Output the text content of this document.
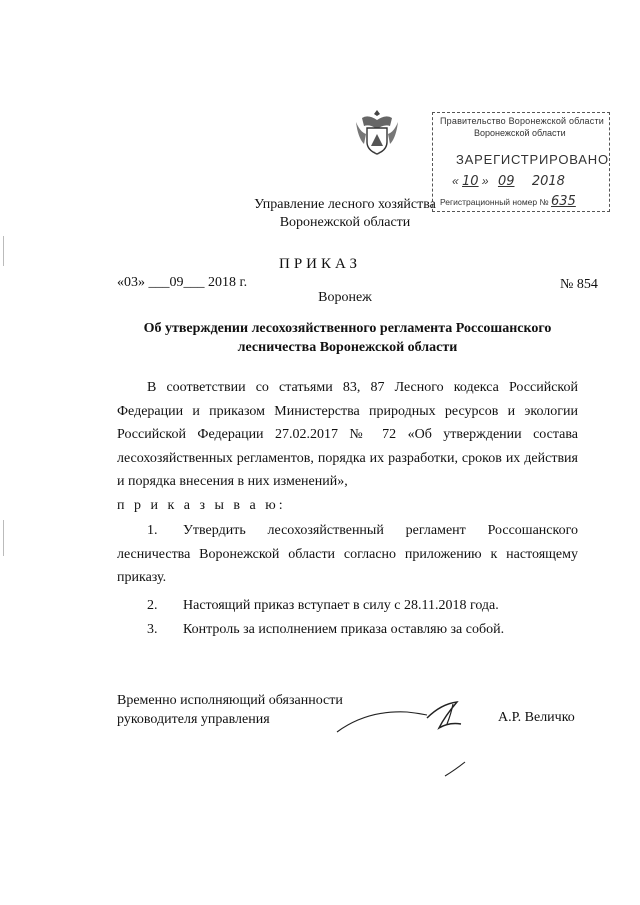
Правительство Воронежской области
Воронежской области
ЗАРЕГИСТРИРОВАНО
« 10 » 09 2018
Регистрационный номер № 635
Управление лесного хозяйства
Воронежской области
ПРИКАЗ
«03» ___09___ 2018 г.	№ 854
Воронеж
Об утверждении лесохозяйственного регламента Россошанского
лесничества Воронежской области
В соответствии со статьями 83, 87 Лесного кодекса Российской Федерации и приказом Министерства природных ресурсов и экологии Российской Федерации 27.02.2017 № 72 «Об утверждении состава лесохозяйственных регламентов, порядка их разработки, сроков их действия и порядка внесения в них изменений»,
п р и к а з ы в а ю:
1. Утвердить лесохозяйственный регламент Россошанского лесничества Воронежской области согласно приложению к настоящему приказу.
2. Настоящий приказ вступает в силу с 28.11.2018 года.
3. Контроль за исполнением приказа оставляю за собой.
Временно исполняющий обязанности
руководителя управления	А.Р. Величко
